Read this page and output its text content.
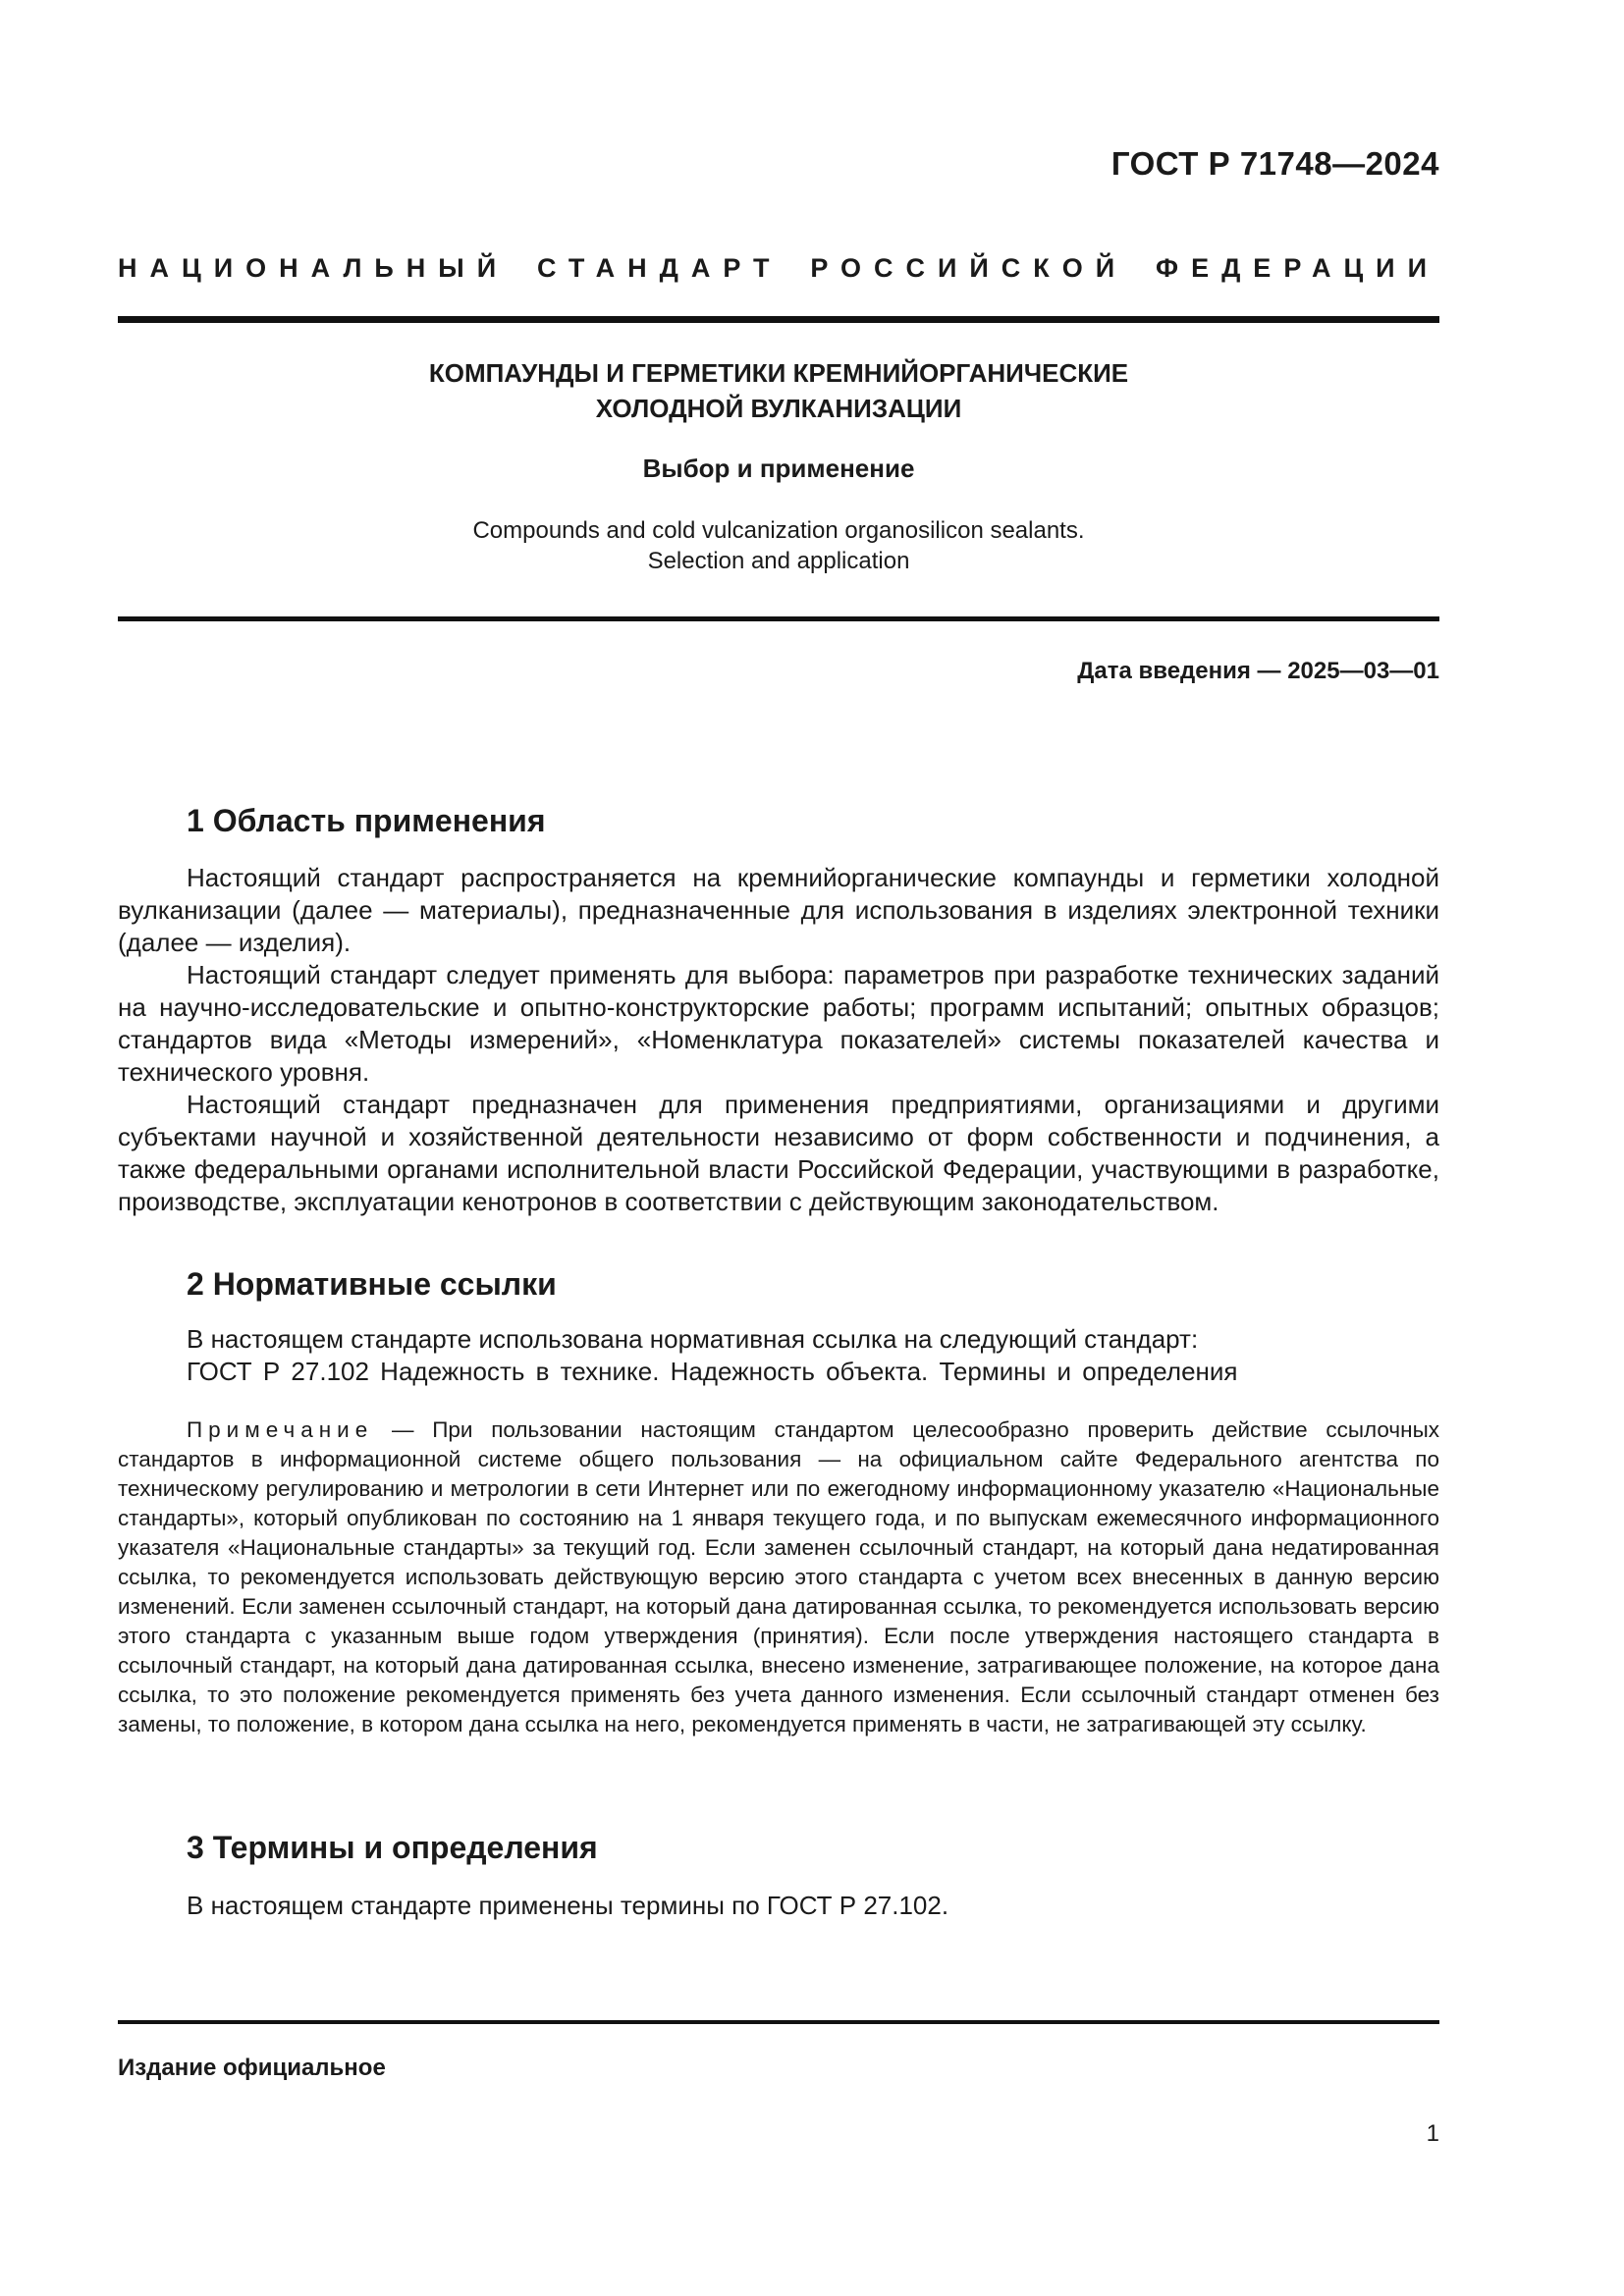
ГОСТ Р 71748—2024
НАЦИОНАЛЬНЫЙ СТАНДАРТ РОССИЙСКОЙ ФЕДЕРАЦИИ
КОМПАУНДЫ И ГЕРМЕТИКИ КРЕМНИЙОРГАНИЧЕСКИЕ
ХОЛОДНОЙ ВУЛКАНИЗАЦИИ
Выбор и применение
Compounds and cold vulcanization organosilicon sealants.
Selection and application
Дата введения — 2025—03—01
1 Область применения

Настоящий стандарт распространяется на кремнийорганические компаунды и герметики холодной вулканизации (далее — материалы), предназначенные для использования в изделиях электронной техники (далее — изделия).

Настоящий стандарт следует применять для выбора: параметров при разработке технических заданий на научно-исследовательские и опытно-конструкторские работы; программ испытаний; опытных образцов; стандартов вида «Методы измерений», «Номенклатура показателей» системы показателей качества и технического уровня.

Настоящий стандарт предназначен для применения предприятиями, организациями и другими субъектами научной и хозяйственной деятельности независимо от форм собственности и подчинения, а также федеральными органами исполнительной власти Российской Федерации, участвующими в разработке, производстве, эксплуатации кенотронов в соответствии с действующим законодательством.

2 Нормативные ссылки

В настоящем стандарте использована нормативная ссылка на следующий стандарт:

ГОСТ Р 27.102 Надежность в технике. Надежность объекта. Термины и определения

Примечание — При пользовании настоящим стандартом целесообразно проверить действие ссылочных стандартов в информационной системе общего пользования — на официальном сайте Федерального агентства по техническому регулированию и метрологии в сети Интернет или по ежегодному информационному указателю «Национальные стандарты», который опубликован по состоянию на 1 января текущего года, и по выпускам ежемесячного информационного указателя «Национальные стандарты» за текущий год. Если заменен ссылочный стандарт, на который дана недатированная ссылка, то рекомендуется использовать действующую версию этого стандарта с учетом всех внесенных в данную версию изменений. Если заменен ссылочный стандарт, на который дана датированная ссылка, то рекомендуется использовать версию этого стандарта с указанным выше годом утверждения (принятия). Если после утверждения настоящего стандарта в ссылочный стандарт, на который дана датированная ссылка, внесено изменение, затрагивающее положение, на которое дана ссылка, то это положение рекомендуется применять без учета данного изменения. Если ссылочный стандарт отменен без замены, то положение, в котором дана ссылка на него, рекомендуется применять в части, не затрагивающей эту ссылку.

3 Термины и определения

В настоящем стандарте применены термины по ГОСТ Р 27.102.

Издание официальное
1
